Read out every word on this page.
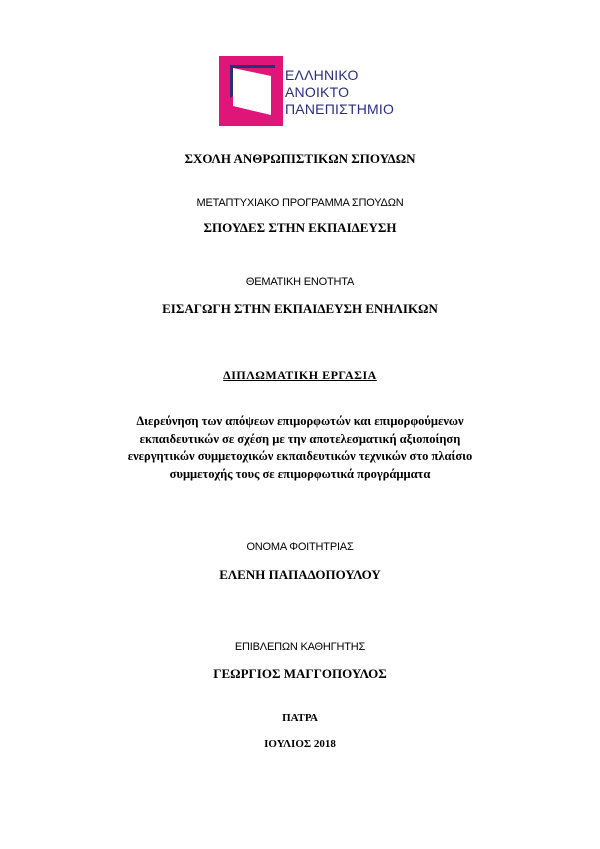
ΕΛΛΗΝΙΚΟ
ΑΝΟΙΚΤΟ
ΠΑΝΕΠΙΣΤΗΜΙΟ
ΣΧΟΛΗ ΑΝΘΡΩΠΙΣΤΙΚΩΝ ΣΠΟΥΔΩΝ
ΜΕΤΑΠΤΥΧΙΑΚΟ ΠΡΟΓΡΑΜΜΑ ΣΠΟΥΔΩΝ
ΣΠΟΥΔΕΣ ΣΤΗΝ ΕΚΠΑΙΔΕΥΣΗ
ΘΕΜΑΤΙΚΗ ΕΝΟΤΗΤΑ
ΕΙΣΑΓΩΓΗ ΣΤΗΝ ΕΚΠΑΙΔΕΥΣΗ ΕΝΗΛΙΚΩΝ
ΔΙΠΛΩΜΑΤΙΚΗ ΕΡΓΑΣΙΑ
Διερεύνηση των απόψεων επιμορφωτών και επιμορφούμενων
εκπαιδευτικών σε σχέση με την αποτελεσματική αξιοποίηση
ενεργητικών συμμετοχικών εκπαιδευτικών τεχνικών στο πλαίσιο
συμμετοχής τους σε επιμορφωτικά προγράμματα
ΟΝΟΜΑ ΦΟΙΤΗΤΡΙΑΣ
ΕΛΕΝΗ ΠΑΠΑΔΟΠΟΥΛΟΥ
ΕΠΙΒΛΕΠΩΝ ΚΑΘΗΓΗΤΗΣ
ΓΕΩΡΓΙΟΣ ΜΑΓΓΟΠΟΥΛΟΣ
ΠΑΤΡΑ
ΙΟΥΛΙΟΣ 2018
